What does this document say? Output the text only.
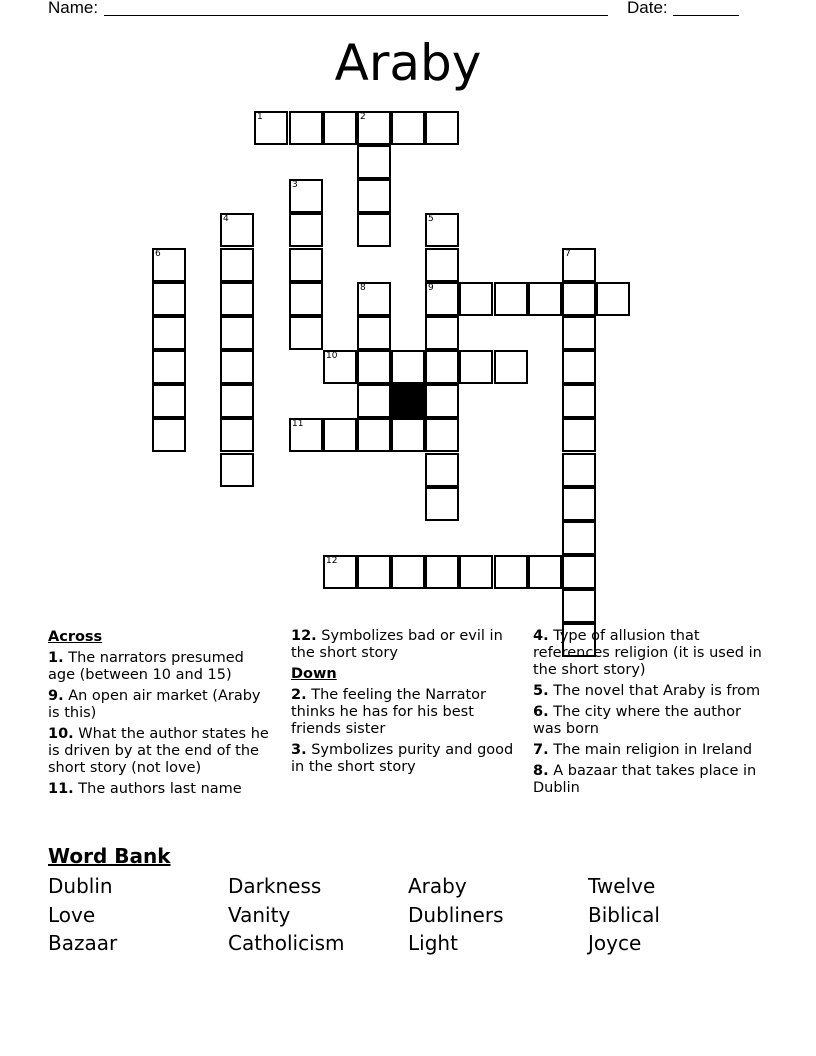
Name:	Date:
Araby
1	2
3
4	5
9
6	7
8
10
11
12
Across
1. The narrators presumed age (between 10 and 15)
9. An open air market (Araby is this)
10. What the author states he is driven by at the end of the short story (not love)
11. The authors last name
12. Symbolizes bad or evil in the short story
Down
2. The feeling the Narrator thinks he has for his best friends sister
3. Symbolizes purity and good in the short story
4. Type of allusion that references religion (it is used in the short story)
5. The novel that Araby is from
6. The city where the author was born
7. The main religion in Ireland
8. A bazaar that takes place in Dublin
Word Bank
Dublin	Darkness	Araby	Twelve
Love	Vanity	Dubliners	Biblical
Bazaar	Catholicism	Light	Joyce
